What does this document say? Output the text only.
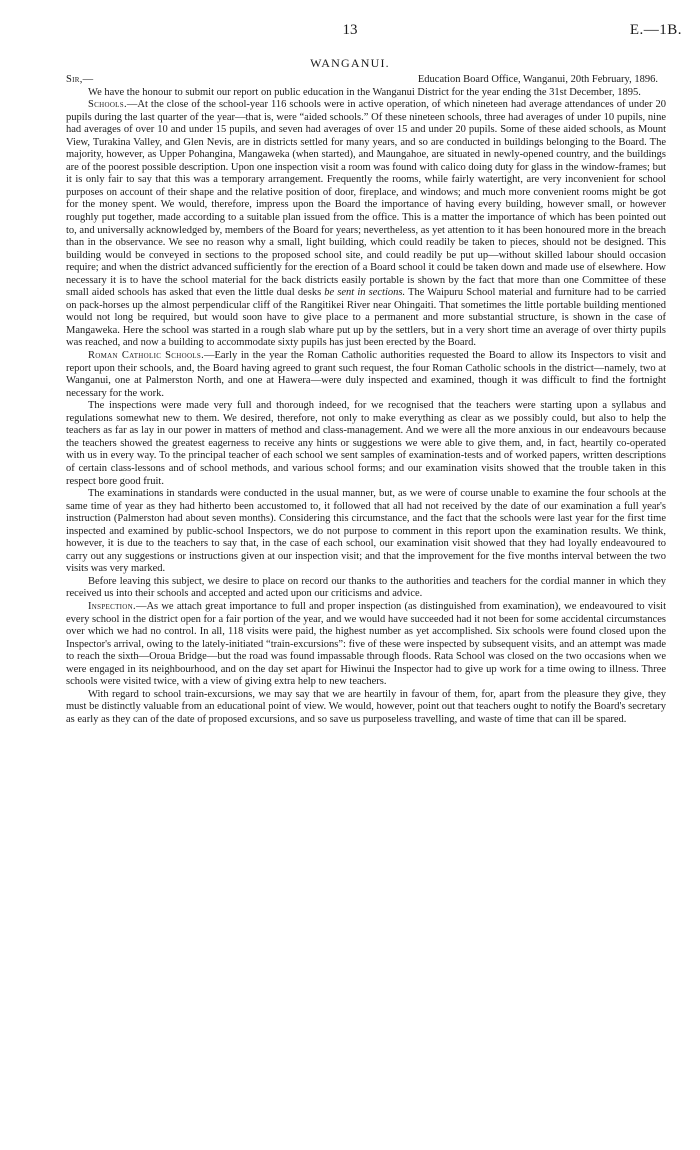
13	E.—1B.
WANGANUI.
Sir,—	Education Board Office, Wanganui, 20th February, 1896.

We have the honour to submit our report on public education in the Wanganui District for the year ending the 31st December, 1895.

Schools.—At the close of the school-year 116 schools were in active operation, of which nineteen had average attendances of under 20 pupils during the last quarter of the year—that is, were “aided schools.” Of these nineteen schools, three had averages of under 10 pupils, nine had averages of over 10 and under 15 pupils, and seven had averages of over 15 and under 20 pupils. Some of these aided schools, as Mount View, Turakina Valley, and Glen Nevis, are in districts settled for many years, and so are conducted in buildings belonging to the Board. The majority, however, as Upper Pohangina, Mangaweka (when started), and Maungahoe, are situated in newly-opened country, and the buildings are of the poorest possible description. Upon one inspection visit a room was found with calico doing duty for glass in the window-frames; but it is only fair to say that this was a temporary arrangement. Frequently the rooms, while fairly watertight, are very inconvenient for school purposes on account of their shape and the relative position of door, fireplace, and windows; and much more convenient rooms might be got for the money spent. We would, therefore, impress upon the Board the importance of having every building, however small, or however roughly put together, made according to a suitable plan issued from the office. This is a matter the importance of which has been pointed out to, and universally acknowledged by, members of the Board for years; nevertheless, as yet attention to it has been honoured more in the breach than in the observance. We see no reason why a small, light building, which could readily be taken to pieces, should not be designed. This building would be conveyed in sections to the proposed school site, and could readily be put up—without skilled labour should occasion require; and when the district advanced sufficiently for the erection of a Board school it could be taken down and made use of elsewhere. How necessary it is to have the school material for the back districts easily portable is shown by the fact that more than one Committee of these small aided schools has asked that even the little dual desks be sent in sections. The Waipuru School material and furniture had to be carried on pack-horses up the almost perpendicular cliff of the Rangitikei River near Ohingaiti. That sometimes the little portable building mentioned would not long be required, but would soon have to give place to a permanent and more substantial structure, is shown in the case of Mangaweka. Here the school was started in a rough slab whare put up by the settlers, but in a very short time an average of over thirty pupils was reached, and now a building to accommodate sixty pupils has just been erected by the Board.

Roman Catholic Schools.—Early in the year the Roman Catholic authorities requested the Board to allow its Inspectors to visit and report upon their schools, and, the Board having agreed to grant such request, the four Roman Catholic schools in the district—namely, two at Wanganui, one at Palmerston North, and one at Hawera—were duly inspected and examined, though it was difficult to find the fortnight necessary for the work.

The inspections were made very full and thorough indeed, for we recognised that the teachers were starting upon a syllabus and regulations somewhat new to them. We desired, therefore, not only to make everything as clear as we possibly could, but also to help the teachers as far as lay in our power in matters of method and class-management. And we were all the more anxious in our endeavours because the teachers showed the greatest eagerness to receive any hints or suggestions we were able to give them, and, in fact, heartily co-operated with us in every way. To the principal teacher of each school we sent samples of examination-tests and of worked papers, written descriptions of certain class-lessons and of school methods, and various school forms; and our examination visits showed that the trouble taken in this respect bore good fruit.

The examinations in standards were conducted in the usual manner, but, as we were of course unable to examine the four schools at the same time of year as they had hitherto been accustomed to, it followed that all had not received by the date of our examination a full year's instruction (Palmerston had about seven months). Considering this circumstance, and the fact that the schools were last year for the first time inspected and examined by public-school Inspectors, we do not purpose to comment in this report upon the examination results. We think, however, it is due to the teachers to say that, in the case of each school, our examination visit showed that they had loyally endeavoured to carry out any suggestions or instructions given at our inspection visit; and that the improvement for the five months interval between the two visits was very marked.

Before leaving this subject, we desire to place on record our thanks to the authorities and teachers for the cordial manner in which they received us into their schools and accepted and acted upon our criticisms and advice.

Inspection.—As we attach great importance to full and proper inspection (as distinguished from examination), we endeavoured to visit every school in the district open for a fair portion of the year, and we would have succeeded had it not been for some accidental circumstances over which we had no control. In all, 118 visits were paid, the highest number as yet accomplished. Six schools were found closed upon the Inspector's arrival, owing to the lately-initiated “train-excursions”: five of these were inspected by subsequent visits, and an attempt was made to reach the sixth—Oroua Bridge—but the road was found impassable through floods. Rata School was closed on the two occasions when we were engaged in its neighbourhood, and on the day set apart for Hiwinui the Inspector had to give up work for a time owing to illness. Three schools were visited twice, with a view of giving extra help to new teachers.

With regard to school train-excursions, we may say that we are heartily in favour of them, for, apart from the pleasure they give, they must be distinctly valuable from an educational point of view. We would, however, point out that teachers ought to notify the Board's secretary as early as they can of the date of proposed excursions, and so save us purposeless travelling, and waste of time that can ill be spared.
